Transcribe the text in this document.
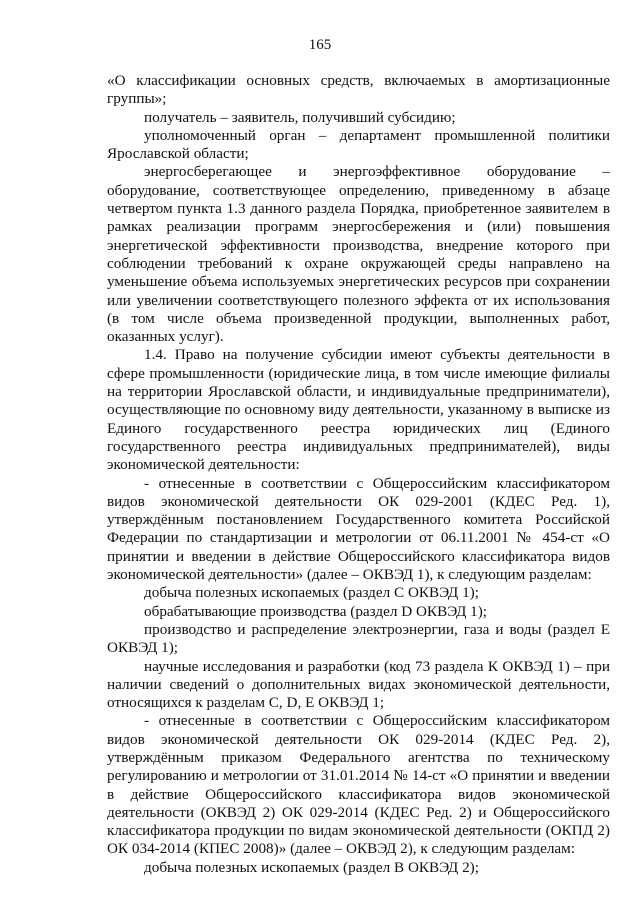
165

«О классификации основных средств, включаемых в амортизационные группы»;

получатель – заявитель, получивший субсидию;

уполномоченный орган – департамент промышленной политики Ярославской области;

энергосберегающее и энергоэффективное оборудование – оборудование, соответствующее определению, приведенному в абзаце четвертом пункта 1.3 данного раздела Порядка, приобретенное заявителем в рамках реализации программ энергосбережения и (или) повышения энергетической эффективности производства, внедрение которого при соблюдении требований к охране окружающей среды направлено на уменьшение объема используемых энергетических ресурсов при сохранении или увеличении соответствующего полезного эффекта от их использования (в том числе объема произведенной продукции, выполненных работ, оказанных услуг).

1.4. Право на получение субсидии имеют субъекты деятельности в сфере промышленности (юридические лица, в том числе имеющие филиалы на территории Ярославской области, и индивидуальные предприниматели), осуществляющие по основному виду деятельности, указанному в выписке из Единого государственного реестра юридических лиц (Единого государственного реестра индивидуальных предпринимателей), виды экономической деятельности:

- отнесенные в соответствии с Общероссийским классификатором видов экономической деятельности ОК 029-2001 (КДЕС Ред. 1), утверждённым постановлением Государственного комитета Российской Федерации по стандартизации и метрологии от 06.11.2001 № 454-ст «О принятии и введении в действие Общероссийского классификатора видов экономической деятельности» (далее – ОКВЭД 1), к следующим разделам:

добыча полезных ископаемых (раздел С ОКВЭД 1);

обрабатывающие производства (раздел D ОКВЭД 1);

производство и распределение электроэнергии, газа и воды (раздел Е ОКВЭД 1);

научные исследования и разработки (код 73 раздела К ОКВЭД 1) – при наличии сведений о дополнительных видах экономической деятельности, относящихся к разделам С, D, Е ОКВЭД 1;

- отнесенные в соответствии с Общероссийским классификатором видов экономической деятельности ОК 029-2014 (КДЕС Ред. 2), утверждённым приказом Федерального агентства по техническому регулированию и метрологии от 31.01.2014 № 14-ст «О принятии и введении в действие Общероссийского классификатора видов экономической деятельности (ОКВЭД 2) ОК 029-2014 (КДЕС Ред. 2) и Общероссийского классификатора продукции по видам экономической деятельности (ОКПД 2) ОК 034-2014 (КПЕС 2008)» (далее – ОКВЭД 2), к следующим разделам:

добыча полезных ископаемых (раздел В ОКВЭД 2);
